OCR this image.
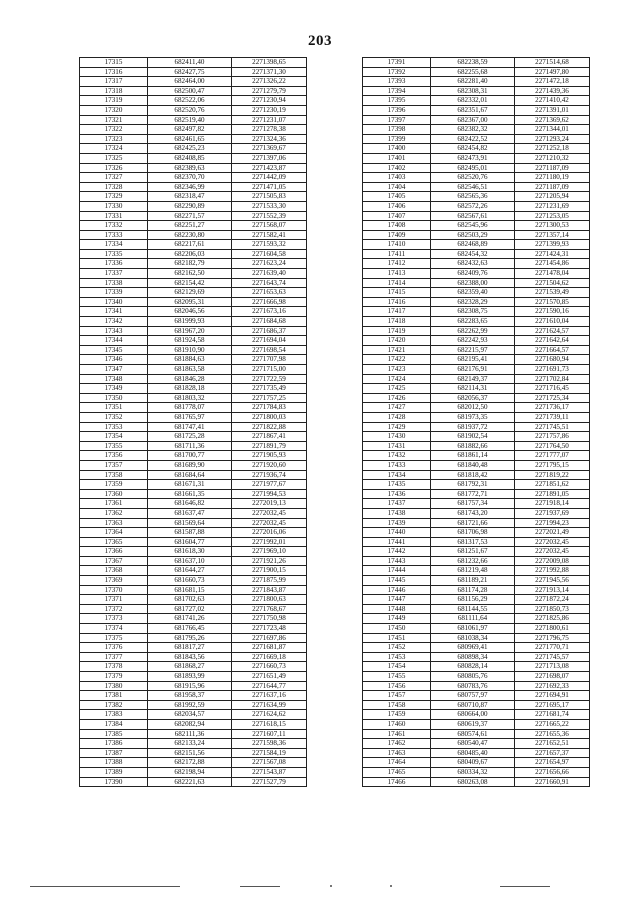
203
17315	682411,40	2271398,65
17316	682427,75	2271371,30
17317	682464,00	2271326,22
17318	682500,47	2271279,79
17319	682522,06	2271230,94
17320	682520,76	2271230,19
17321	682519,40	2271231,07
17322	682497,82	2271278,38
17323	682461,65	2271324,36
17324	682425,23	2271369,67
17325	682408,85	2271397,06
17326	682389,63	2271423,87
17327	682370,70	2271442,09
17328	682346,99	2271471,05
17329	682318,47	2271505,83
17330	682290,89	2271533,30
17331	682271,57	2271552,39
17332	682251,27	2271568,07
17333	682230,80	2271582,41
17334	682217,61	2271593,32
17335	682206,03	2271604,58
17336	682182,79	2271623,24
17337	682162,50	2271639,40
17338	682154,42	2271643,74
17339	682129,69	2271653,63
17340	682095,31	2271666,98
17341	682046,56	2271673,16
17342	681999,93	2271684,68
17343	681967,20	2271686,37
17344	681924,58	2271694,04
17345	681910,90	2271698,54
17346	681884,63	2271707,98
17347	681863,58	2271715,00
17348	681846,28	2271722,59
17349	681828,18	2271735,49
17350	681803,32	2271757,25
17351	681778,07	2271784,83
17352	681765,97	2271800,03
17353	681747,41	2271822,88
17354	681725,28	2271867,41
17355	681711,36	2271891,79
17356	681700,77	2271905,93
17357	681689,90	2271920,60
17358	681684,64	2271936,74
17359	681671,31	2271977,67
17360	681661,35	2271994,53
17361	681646,82	2272019,13
17362	681637,47	2272032,45
17363	681569,64	2272032,45
17364	681587,88	2272016,06
17365	681604,77	2271992,01
17366	681618,30	2271969,10
17367	681637,10	2271921,26
17368	681644,27	2271900,15
17369	681660,73	2271875,99
17370	681681,15	2271843,87
17371	681702,63	2271800,63
17372	681727,02	2271768,67
17373	681741,26	2271750,98
17374	681766,45	2271723,48
17375	681795,26	2271697,86
17376	681817,27	2271681,87
17377	681843,56	2271669,18
17378	681868,27	2271660,73
17379	681893,99	2271651,49
17380	681915,96	2271644,77
17381	681958,37	2271637,16
17382	681992,59	2271634,99
17383	682034,57	2271624,62
17384	682082,94	2271618,15
17385	682111,36	2271607,11
17386	682133,24	2271598,36
17387	682151,56	2271584,19
17388	682172,88	2271567,08
17389	682198,94	2271543,87
17390	682221,63	2271527,79
17391	682238,59	2271514,68
17392	682255,68	2271497,80
17393	682281,40	2271472,18
17394	682308,31	2271439,36
17395	682332,01	2271410,42
17396	682351,67	2271391,01
17397	682367,00	2271369,62
17398	682382,32	2271344,01
17399	682422,52	2271293,24
17400	682454,82	2271252,18
17401	682473,91	2271210,32
17402	682495,01	2271187,09
17403	682520,76	2271180,19
17404	682546,51	2271187,09
17405	682565,36	2271205,94
17406	682572,26	2271231,69
17407	682567,61	2271253,05
17408	682545,96	2271300,53
17409	682503,29	2271357,14
17410	682468,89	2271399,93
17411	682454,32	2271424,31
17412	682432,63	2271454,86
17413	682409,76	2271478,04
17414	682388,00	2271504,62
17415	682359,40	2271539,49
17416	682328,29	2271570,85
17417	682308,75	2271590,16
17418	682283,65	2271610,04
17419	682262,99	2271624,57
17420	682242,93	2271642,64
17421	682215,97	2271664,57
17422	682195,41	2271680,94
17423	682176,91	2271691,73
17424	682149,37	2271702,84
17425	682114,31	2271716,45
17426	682056,37	2271725,34
17427	682012,50	2271736,17
17428	681973,35	2271739,11
17429	681937,72	2271745,51
17430	681902,54	2271757,86
17431	681882,66	2271764,50
17432	681861,14	2271777,07
17433	681840,48	2271795,15
17434	681818,42	2271819,22
17435	681792,31	2271851,62
17436	681772,71	2271891,05
17437	681757,34	2271918,14
17438	681743,20	2271937,69
17439	681721,66	2271994,23
17440	681706,98	2272021,49
17441	681317,53	2272032,45
17442	681251,67	2272032,45
17443	681232,66	2272009,08
17444	681219,48	2271992,88
17445	681189,21	2271945,56
17446	681174,28	2271913,14
17447	681156,29	2271872,24
17448	681144,55	2271850,73
17449	681111,64	2271825,86
17450	681061,97	2271800,61
17451	681038,34	2271796,75
17452	680969,41	2271770,71
17453	680898,34	2271745,57
17454	680828,14	2271713,08
17455	680805,76	2271698,07
17456	680783,76	2271692,33
17457	680757,97	2271694,91
17458	680710,87	2271695,17
17459	680664,00	2271681,74
17460	680619,37	2271665,22
17461	680574,61	2271655,36
17462	680540,47	2271652,51
17463	680485,40	2271657,37
17464	680409,67	2271654,97
17465	680334,32	2271656,66
17466	680263,08	2271660,91
